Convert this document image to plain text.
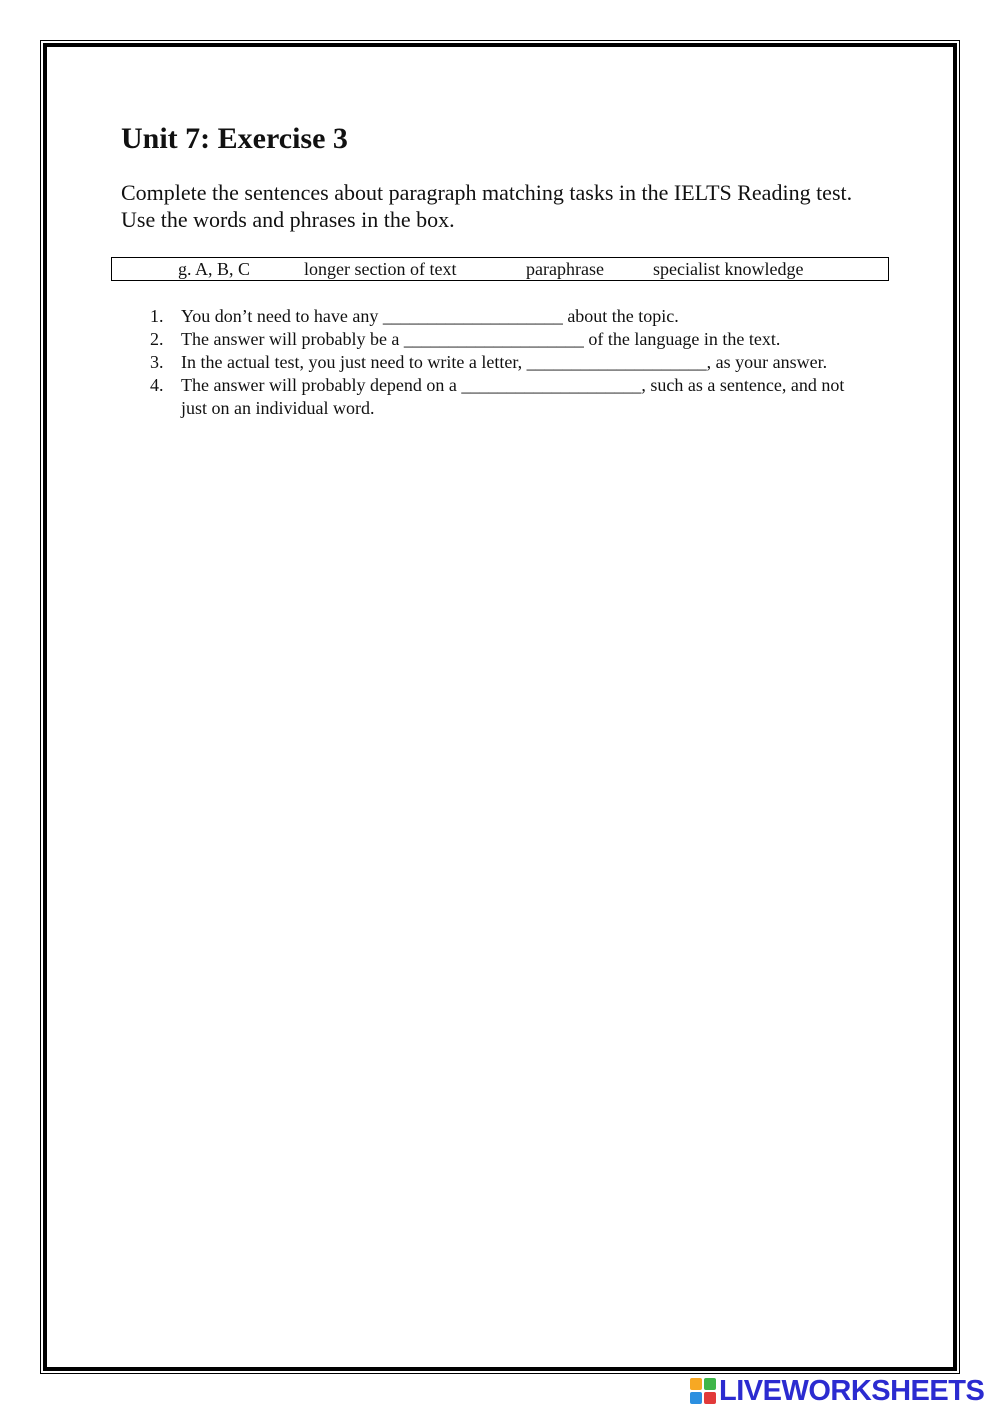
Unit 7: Exercise 3

Complete the sentences about paragraph matching tasks in the IELTS Reading test. Use the words and phrases in the box.

g. A, B, C	longer section of text	paraphrase	specialist knowledge
1. You don’t need to have any ____________________ about the topic.
2. The answer will probably be a ____________________ of the language in the text.
3. In the actual test, you just need to write a letter, ____________________, as your answer.
4. The answer will probably depend on a ____________________, such as a sentence, and not just on an individual word.
LIVEWORKSHEETS
